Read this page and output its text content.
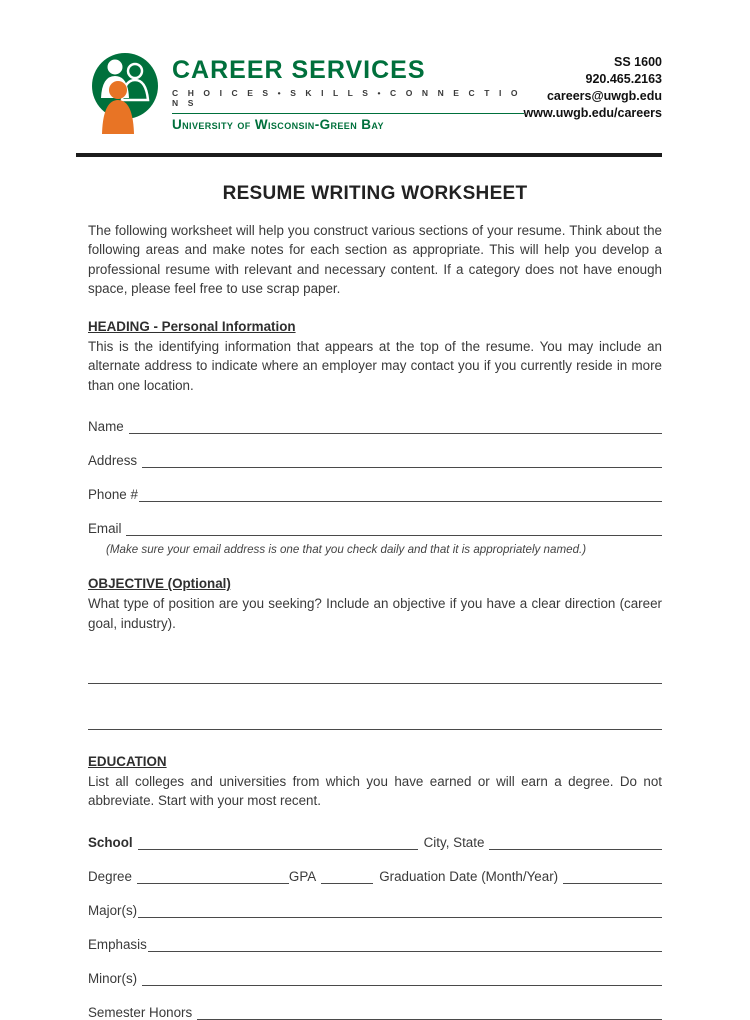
CAREER SERVICES
C H O I C E S • S K I L L S • C O N N E C T I O N S
University of Wisconsin-Green Bay
SS 1600
920.465.2163
careers@uwgb.edu
www.uwgb.edu/careers
RESUME WRITING WORKSHEET

The following worksheet will help you construct various sections of your resume. Think about the following areas and make notes for each section as appropriate. This will help you develop a professional resume with relevant and necessary content. If a category does not have enough space, please feel free to use scrap paper.

HEADING - Personal Information

This is the identifying information that appears at the top of the resume. You may include an alternate address to indicate where an employer may contact you if you currently reside in more than one location.

Name
Address
Phone #
Email
(Make sure your email address is one that you check daily and that it is appropriately named.)
OBJECTIVE (Optional)

What type of position are you seeking? Include an objective if you have a clear direction (career goal, industry).

EDUCATION

List all colleges and universities from which you have earned or will earn a degree. Do not abbreviate. Start with your most recent.

School	City, State
Degree	GPA	Graduation Date (Month/Year)
Major(s)
Emphasis
Minor(s)
Semester Honors
